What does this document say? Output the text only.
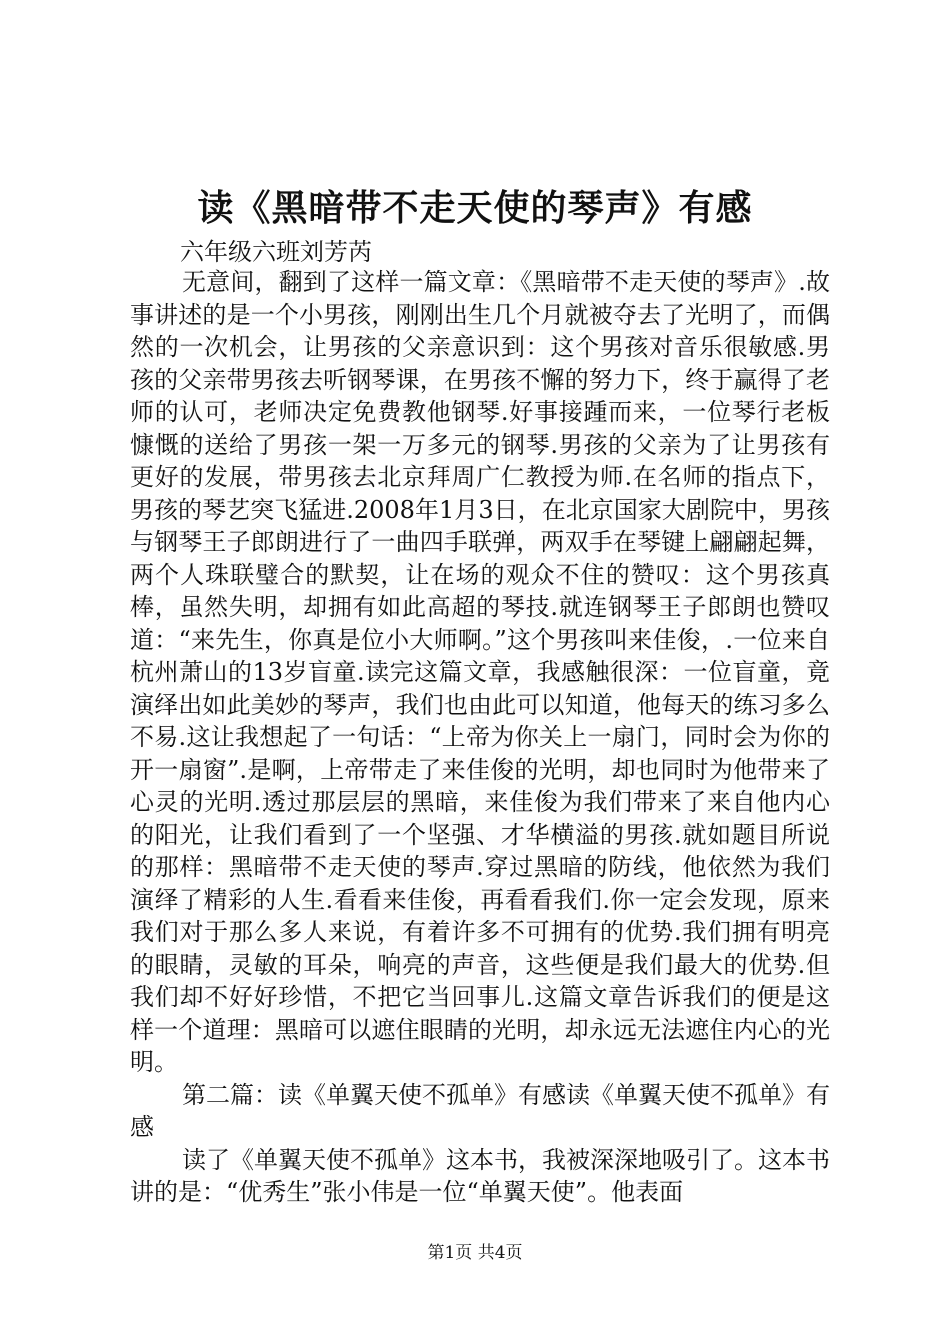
读《黑暗带不走天使的琴声》有感
六年级六班刘芳芮

无意间，翻到了这样一篇文章：《黑暗带不走天使的琴声》.故事讲述的是一个小男孩，刚刚出生几个月就被夺去了光明了，而偶然的一次机会，让男孩的父亲意识到：这个男孩对音乐很敏感.男孩的父亲带男孩去听钢琴课，在男孩不懈的努力下，终于赢得了老师的认可，老师决定免费教他钢琴.好事接踵而来，一位琴行老板慷慨的送给了男孩一架一万多元的钢琴.男孩的父亲为了让男孩有更好的发展，带男孩去北京拜周广仁教授为师.在名师的指点下，男孩的琴艺突飞猛进.2008年1月3日，在北京国家大剧院中，男孩与钢琴王子郎朗进行了一曲四手联弹，两双手在琴键上翩翩起舞，两个人珠联璧合的默契，让在场的观众不住的赞叹：这个男孩真棒，虽然失明，却拥有如此高超的琴技.就连钢琴王子郎朗也赞叹道：“来先生，你真是位小大师啊。”这个男孩叫来佳俊，.一位来自杭州萧山的13岁盲童.读完这篇文章，我感触很深：一位盲童，竟演绎出如此美妙的琴声，我们也由此可以知道，他每天的练习多么不易.这让我想起了一句话：“上帝为你关上一扇门，同时会为你的开一扇窗”.是啊，上帝带走了来佳俊的光明，却也同时为他带来了心灵的光明.透过那层层的黑暗，来佳俊为我们带来了来自他内心的阳光，让我们看到了一个坚强、才华横溢的男孩.就如题目所说的那样：黑暗带不走天使的琴声.穿过黑暗的防线，他依然为我们演绎了精彩的人生.看看来佳俊，再看看我们.你一定会发现，原来我们对于那么多人来说，有着许多不可拥有的优势.我们拥有明亮的眼睛，灵敏的耳朵，响亮的声音，这些便是我们最大的优势.但我们却不好好珍惜，不把它当回事儿.这篇文章告诉我们的便是这样一个道理：黑暗可以遮住眼睛的光明，却永远无法遮住内心的光明。

第二篇：读《单翼天使不孤单》有感读《单翼天使不孤单》有感

读了《单翼天使不孤单》这本书，我被深深地吸引了。这本书讲的是：“优秀生”张小伟是一位“单翼天使”。他表面

第1页 共4页
